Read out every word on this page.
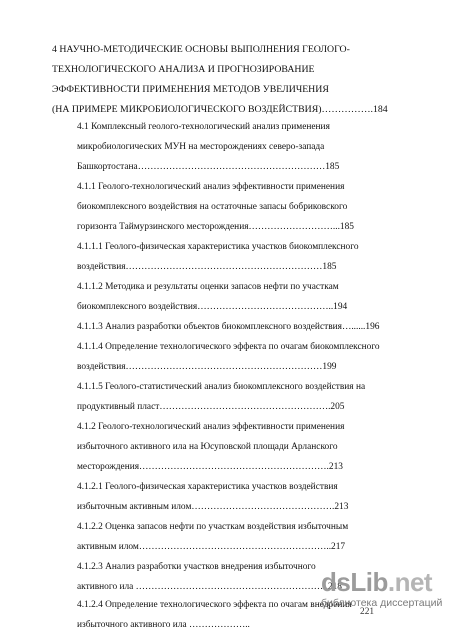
4 НАУЧНО-МЕТОДИЧЕСКИЕ ОСНОВЫ ВЫПОЛНЕНИЯ ГЕОЛОГО-
ТЕХНОЛОГИЧЕСКОГО АНАЛИЗА И ПРОГНОЗИРОВАНИЕ
ЭФФЕКТИВНОСТИ ПРИМЕНЕНИЯ МЕТОДОВ УВЕЛИЧЕНИЯ
(НА ПРИМЕРЕ МИКРОБИОЛОГИЧЕСКОГО ВОЗДЕЙСТВИЯ)…………….184
4.1 Комплексный геолого-технологический анализ применения
микробиологических МУН на месторождениях северо-запада
Башкортостана……………………………………………………185
4.1.1 Геолого-технологический анализ эффективности применения
биокомплексного воздействия на остаточные запасы бобриковского
горизонта Таймурзинского месторождения………………………...185
4.1.1.1 Геолого-физическая характеристика участков биокомплексного
воздействия………………………………………………………185
4.1.1.2 Методика и результаты оценки запасов нефти по участкам
биокомплексного воздействия……………………………………..194
4.1.1.3 Анализ разработки объектов биокомплексного воздействия…......196
4.1.1.4 Определение технологического эффекта по очагам биокомплексного
воздействия………………………………………………………199
4.1.1.5 Геолого-статистический анализ биокомплексного воздействия на
продуктивный пласт……………………………………………….205
4.1.2 Геолого-технологический анализ эффективности применения
избыточного активного ила на Юсуповской площади Арланского
месторождения…………………………………………………….213
4.1.2.1 Геолого-физическая характеристика участков воздействия
избыточным активным илом……………………………………….213
4.1.2.2 Оценка запасов нефти по участкам воздействия избыточным
активным илом……………………………………………………..217
4.1.2.3 Анализ разработки участков внедрения избыточного
активного ила ……………………………………………………..218
4.1.2.4 Определение технологического эффекта по очагам внедрения
избыточного активного ила ………………..
221
dsLib.net
библиотека диссертаций
